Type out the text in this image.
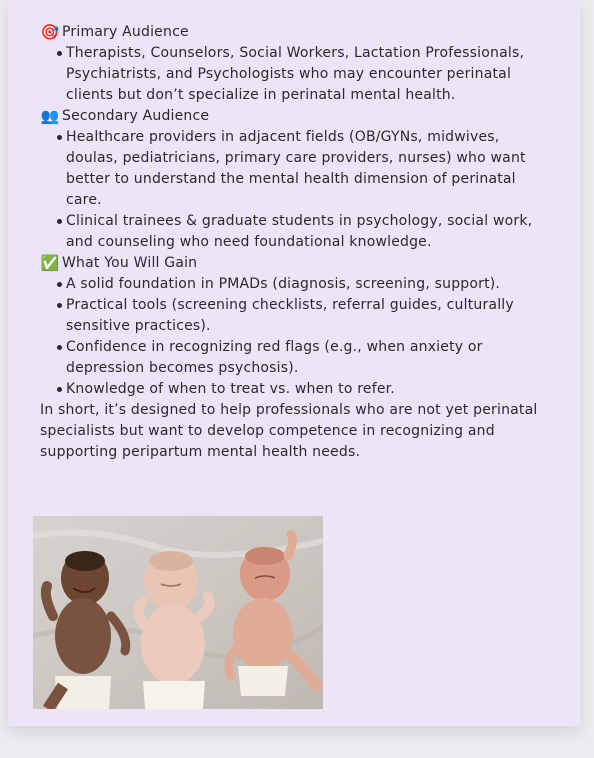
🎯 Primary Audience
Therapists, Counselors, Social Workers, Lactation Professionals, Psychiatrists, and Psychologists who may encounter perinatal clients but don’t specialize in perinatal mental health.
👥 Secondary Audience
Healthcare providers in adjacent fields (OB/GYNs, midwives, doulas, pediatricians, primary care providers, nurses) who want better to understand the mental health dimension of perinatal care.
Clinical trainees & graduate students in psychology, social work, and counseling who need foundational knowledge.
✅ What You Will Gain
A solid foundation in PMADs (diagnosis, screening, support).
Practical tools (screening checklists, referral guides, culturally sensitive practices).
Confidence in recognizing red flags (e.g., when anxiety or depression becomes psychosis).
Knowledge of when to treat vs. when to refer.

In short, it’s designed to help professionals who are not yet perinatal specialists but want to develop competence in recognizing and supporting peripartum mental health needs.
